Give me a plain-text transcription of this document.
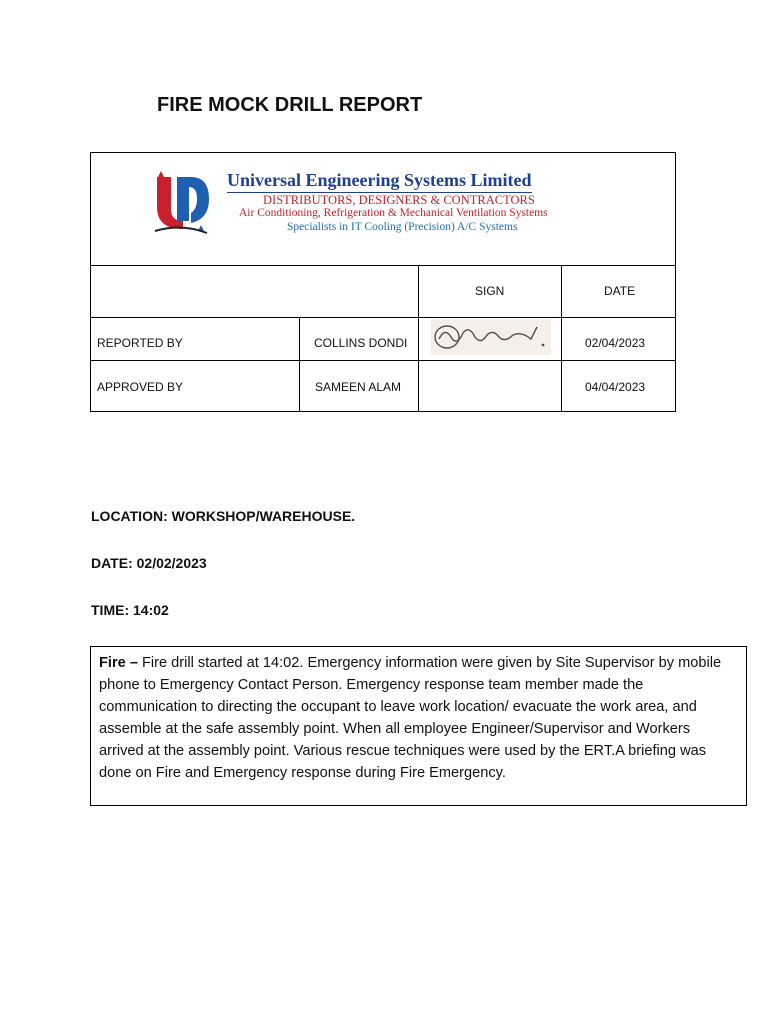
FIRE MOCK DRILL REPORT
Universal Engineering Systems Limited
DISTRIBUTORS, DESIGNERS & CONTRACTORS
Air Conditioning, Refrigeration & Mechanical Ventilation Systems
Specialists in IT Cooling (Precision) A/C Systems
SIGN	DATE
REPORTED BY	COLLINS DONDI	02/04/2023
APPROVED BY	SAMEEN ALAM	04/04/2023
LOCATION: WORKSHOP/WAREHOUSE.
DATE: 02/02/2023
TIME: 14:02
Fire – Fire drill started at 14:02. Emergency information were given by Site Supervisor by mobile phone to Emergency Contact Person. Emergency response team member made the communication to directing the occupant to leave work location/ evacuate the work area, and assemble at the safe assembly point. When all employee Engineer/Supervisor and Workers arrived at the assembly point. Various rescue techniques were used by the ERT.A briefing was done on Fire and Emergency response during Fire Emergency.
